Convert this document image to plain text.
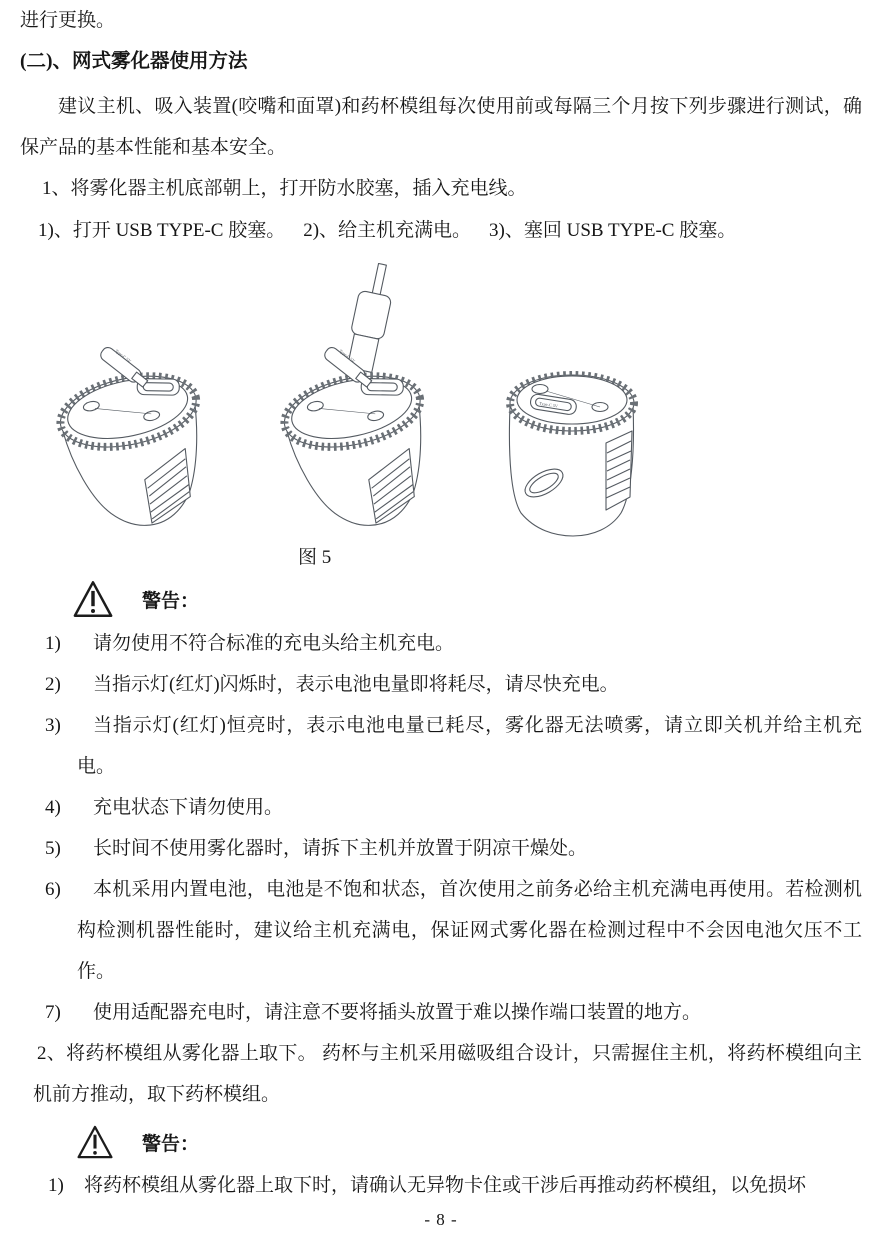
进行更换。

(二)、网式雾化器使用方法

建议主机、吸入装置(咬嘴和面罩)和药杯模组每次使用前或每隔三个月按下列步骤进行测试，确保产品的基本性能和基本安全。

1、将雾化器主机底部朝上，打开防水胶塞，插入充电线。

1)、打开 USB TYPE-C 胶塞。 2)、给主机充满电。 3)、塞回 USB TYPE-C 胶塞。

图 5

警告：
1) 请勿使用不符合标准的充电头给主机充电。
2) 当指示灯(红灯)闪烁时，表示电池电量即将耗尽，请尽快充电。
3) 当指示灯(红灯)恒亮时，表示电池电量已耗尽，雾化器无法喷雾，请立即关机并给主机充电。
4) 充电状态下请勿使用。
5) 长时间不使用雾化器时，请拆下主机并放置于阴凉干燥处。
6) 本机采用内置电池，电池是不饱和状态，首次使用之前务必给主机充满电再使用。若检测机构检测机器性能时，建议给主机充满电，保证网式雾化器在检测过程中不会因电池欠压不工作。
7) 使用适配器充电时，请注意不要将插头放置于难以操作端口装置的地方。

2、将药杯模组从雾化器上取下。 药杯与主机采用磁吸组合设计，只需握住主机，将药杯模组向主机前方推动，取下药杯模组。

警告：
1) 将药杯模组从雾化器上取下时，请确认无异物卡住或干涉后再推动药杯模组，以免损坏
- 8 -
